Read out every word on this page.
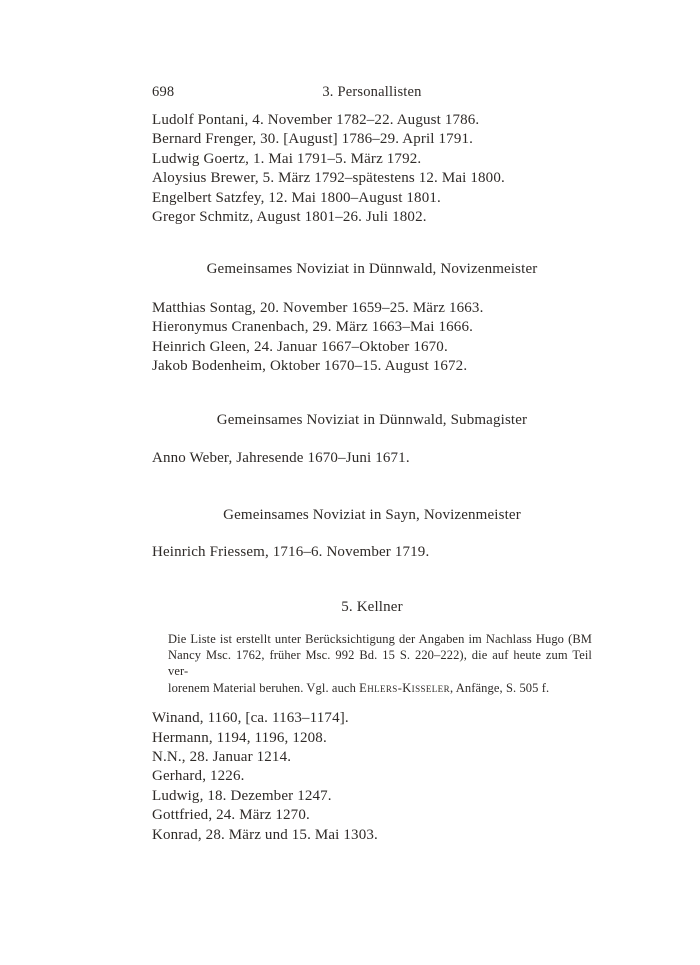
698	3. Personallisten

Ludolf Pontani, 4. November 1782–22. August 1786.

Bernard Frenger, 30. [August] 1786–29. April 1791.

Ludwig Goertz, 1. Mai 1791–5. März 1792.

Aloysius Brewer, 5. März 1792–spätestens 12. Mai 1800.

Engelbert Satzfey, 12. Mai 1800–August 1801.

Gregor Schmitz, August 1801–26. Juli 1802.

Gemeinsames Noviziat in Dünnwald, Novizenmeister

Matthias Sontag, 20. November 1659–25. März 1663.

Hieronymus Cranenbach, 29. März 1663–Mai 1666.

Heinrich Gleen, 24. Januar 1667–Oktober 1670.

Jakob Bodenheim, Oktober 1670–15. August 1672.

Gemeinsames Noviziat in Dünnwald, Submagister

Anno Weber, Jahresende 1670–Juni 1671.

Gemeinsames Noviziat in Sayn, Novizenmeister

Heinrich Friessem, 1716–6. November 1719.

5. Kellner

Die Liste ist erstellt unter Berücksichtigung der Angaben im Nachlass Hugo (BM

Nancy Msc. 1762, früher Msc. 992 Bd. 15 S. 220–222), die auf heute zum Teil ver-

lorenem Material beruhen. Vgl. auch Ehlers-Kisseler, Anfänge, S. 505 f.

Winand, 1160, [ca. 1163–1174].

Hermann, 1194, 1196, 1208.

N.N., 28. Januar 1214.

Gerhard, 1226.

Ludwig, 18. Dezember 1247.

Gottfried, 24. März 1270.

Konrad, 28. März und 15. Mai 1303.
